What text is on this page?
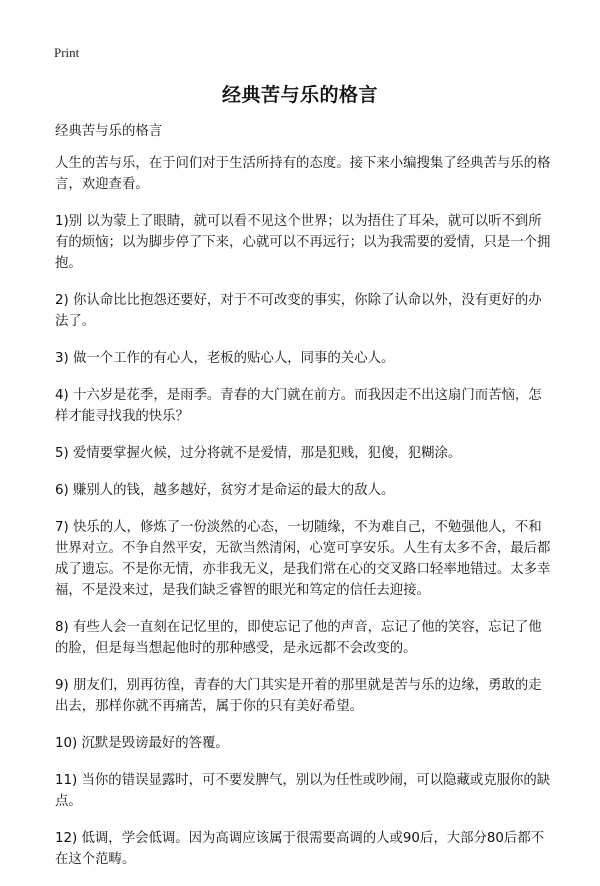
Print
经典苦与乐的格言

经典苦与乐的格言

人生的苦与乐，在于问们对于生活所持有的态度。接下来小编搜集了经典苦与乐的格言，欢迎查看。

1)别 以为蒙上了眼睛，就可以看不见这个世界；以为捂住了耳朵，就可以听不到所有的烦恼；以为脚步停了下来，心就可以不再远行；以为我需要的爱情，只是一个拥抱。

2) 你认命比比抱怨还要好，对于不可改变的事实，你除了认命以外，没有更好的办法了。

3) 做一个工作的有心人，老板的贴心人，同事的关心人。

4) 十六岁是花季，是雨季。青春的大门就在前方。而我因走不出这扇门而苦恼，怎样才能寻找我的快乐？

5) 爱情要掌握火候，过分将就不是爱情，那是犯贱，犯傻，犯糊涂。

6) 赚别人的钱，越多越好，贫穷才是命运的最大的敌人。

7) 快乐的人，修炼了一份淡然的心态，一切随缘，不为难自己，不勉强他人，不和世界对立。不争自然平安，无欲当然清闲，心宽可享安乐。人生有太多不舍，最后都成了遗忘。不是你无情，亦非我无义，是我们常在心的交叉路口轻率地错过。太多幸福，不是没来过，是我们缺乏睿智的眼光和笃定的信任去迎接。

8) 有些人会一直刻在记忆里的，即使忘记了他的声音，忘记了他的笑容，忘记了他的脸，但是每当想起他时的那种感受，是永远都不会改变的。

9) 朋友们，别再彷徨，青春的大门其实是开着的那里就是苦与乐的边缘，勇敢的走出去，那样你就不再痛苦，属于你的只有美好希望。

10) 沉默是毁谤最好的答覆。

11) 当你的错误显露时，可不要发脾气，别以为任性或吵闹，可以隐藏或克服你的缺点。

12) 低调，学会低调。因为高调应该属于很需要高调的人或90后，大部分80后都不在这个范畴。
